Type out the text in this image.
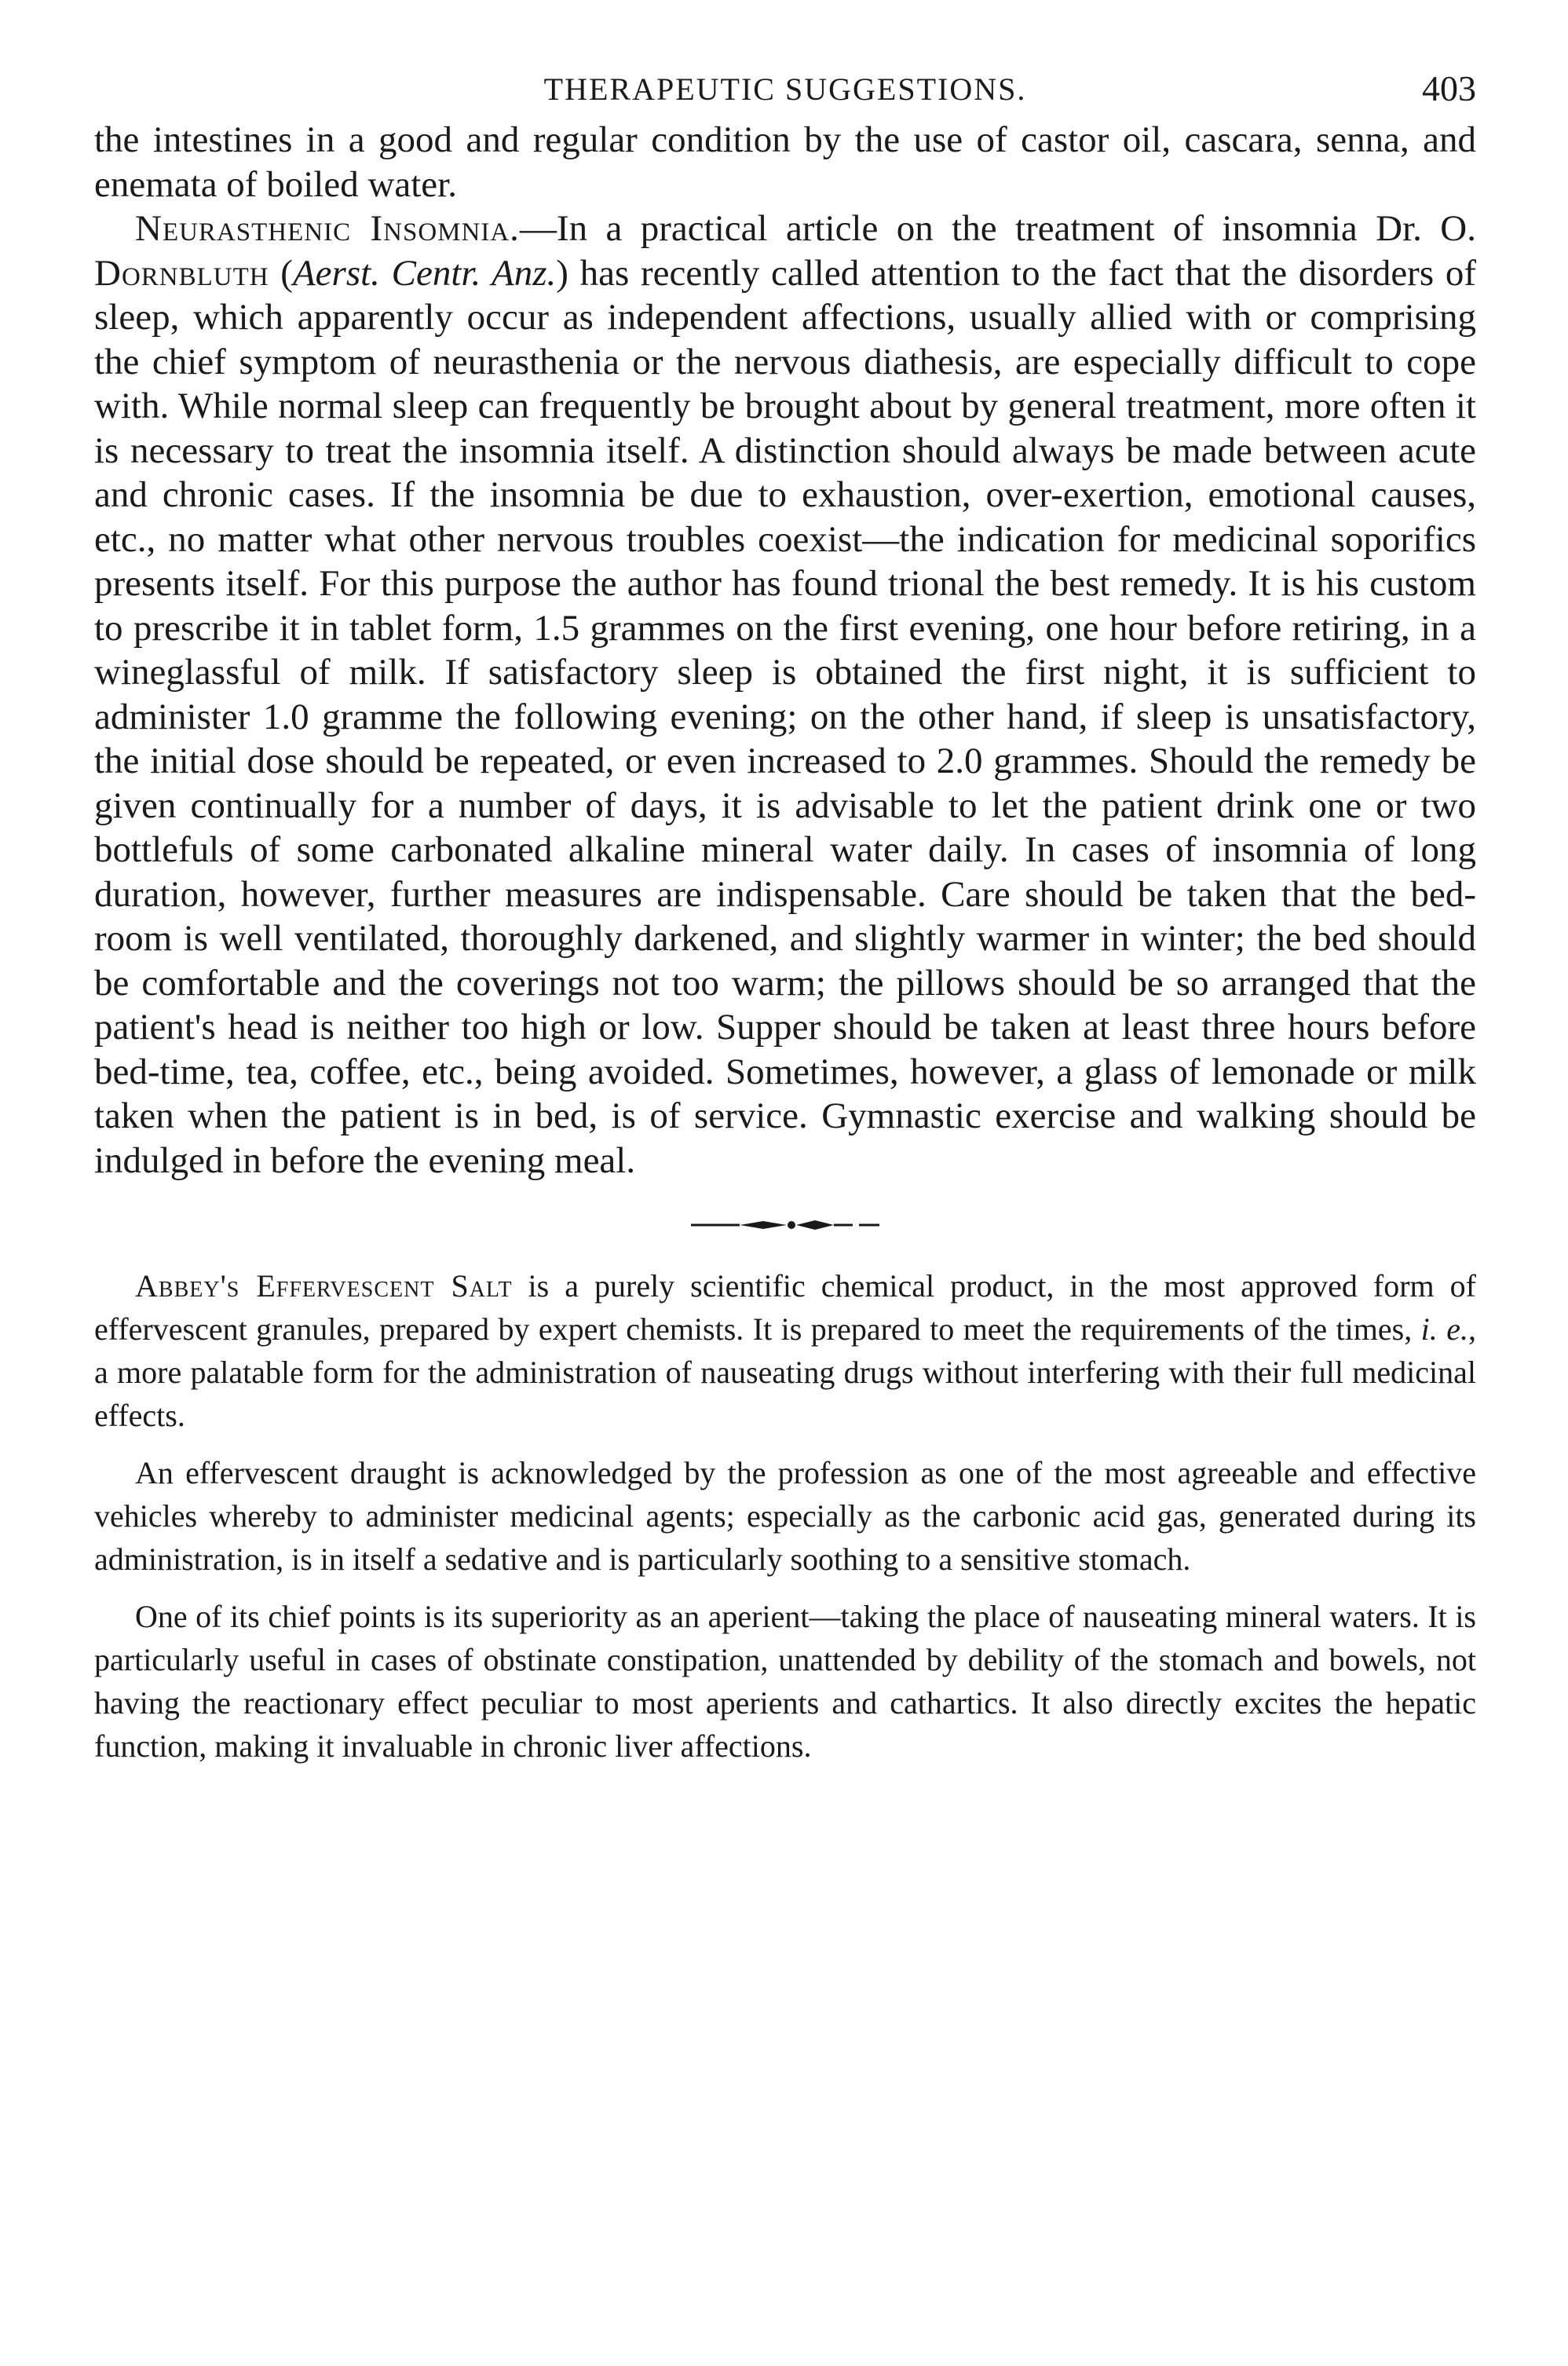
THERAPEUTIC SUGGESTIONS.	403

the intestines in a good and regular condition by the use of castor oil, cascara, senna, and enemata of boiled water.

Neurasthenic Insomnia.—In a practical article on the treatment of insomnia Dr. O. Dornbluth (Aerst. Centr. Anz.) has recently called attention to the fact that the disorders of sleep, which apparently occur as independent affections, usually allied with or comprising the chief symptom of neurasthenia or the nervous diathesis, are especially difficult to cope with. While normal sleep can frequently be brought about by general treatment, more often it is necessary to treat the insomnia itself. A distinction should always be made between acute and chronic cases. If the insomnia be due to exhaustion, over-exertion, emotional causes, etc., no matter what other nervous troubles coexist—the indication for medicinal soporifics presents itself. For this purpose the author has found trional the best remedy. It is his custom to prescribe it in tablet form, 1.5 grammes on the first evening, one hour before retiring, in a wineglassful of milk. If satisfactory sleep is obtained the first night, it is sufficient to administer 1.0 gramme the following evening; on the other hand, if sleep is unsatisfactory, the initial dose should be repeated, or even increased to 2.0 grammes. Should the remedy be given continually for a number of days, it is advisable to let the patient drink one or two bottlefuls of some carbonated alkaline mineral water daily. In cases of insomnia of long duration, however, further measures are indispensable. Care should be taken that the bed-room is well ventilated, thoroughly darkened, and slightly warmer in winter; the bed should be comfortable and the coverings not too warm; the pillows should be so arranged that the patient's head is neither too high or low. Supper should be taken at least three hours before bed-time, tea, coffee, etc., being avoided. Sometimes, however, a glass of lemonade or milk taken when the patient is in bed, is of service. Gymnastic exercise and walking should be indulged in before the evening meal.

Abbey's Effervescent Salt is a purely scientific chemical product, in the most approved form of effervescent granules, prepared by expert chemists. It is prepared to meet the requirements of the times, i. e., a more palatable form for the administration of nauseating drugs without interfering with their full medicinal effects.

An effervescent draught is acknowledged by the profession as one of the most agreeable and effective vehicles whereby to administer medicinal agents; especially as the carbonic acid gas, generated during its administration, is in itself a sedative and is particularly soothing to a sensitive stomach.

One of its chief points is its superiority as an aperient—taking the place of nauseating mineral waters. It is particularly useful in cases of obstinate constipation, unattended by debility of the stomach and bowels, not having the reactionary effect peculiar to most aperients and cathartics. It also directly excites the hepatic function, making it invaluable in chronic liver affections.
